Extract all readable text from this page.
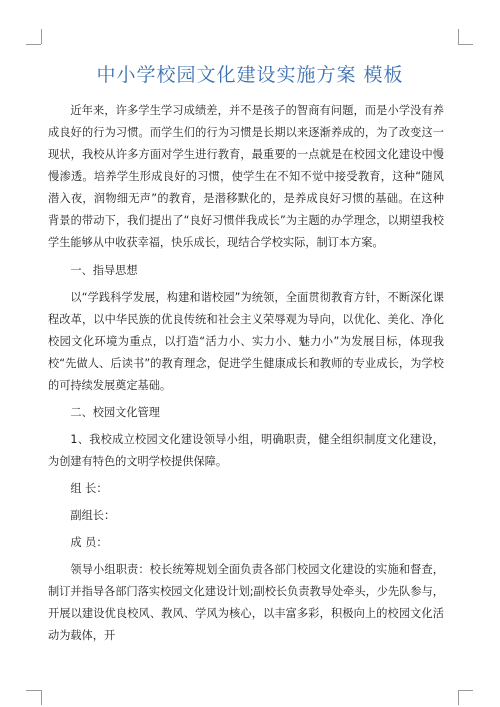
中小学校园文化建设实施方案 模板

近年来，许多学生学习成绩差，并不是孩子的智商有问题，而是小学没有养成良好的行为习惯。而学生们的行为习惯是长期以来逐渐养成的，为了改变这一现状，我校从许多方面对学生进行教育，最重要的一点就是在校园文化建设中慢慢渗透。培养学生形成良好的习惯，使学生在不知不觉中接受教育，这种“随风潜入夜，润物细无声”的教育，是潜移默化的，是养成良好习惯的基础。在这种背景的带动下，我们提出了“良好习惯伴我成长”为主题的办学理念，以期望我校学生能够从中收获幸福，快乐成长，现结合学校实际，制订本方案。

一、指导思想

以“学践科学发展，构建和谐校园”为统领，全面贯彻教育方针，不断深化课程改革，以中华民族的优良传统和社会主义荣辱观为导向，以优化、美化、净化校园文化环境为重点，以打造“活力小、实力小、魅力小”为发展目标，体现我校“先做人、后读书”的教育理念，促进学生健康成长和教师的专业成长，为学校的可持续发展奠定基础。

二、校园文化管理

1、我校成立校园文化建设领导小组，明确职责，健全组织制度文化建设，为创建有特色的文明学校提供保障。

组 长：

副组长：

成 员：

领导小组职责：校长统筹规划全面负责各部门校园文化建设的实施和督查，制订并指导各部门落实校园文化建设计划;副校长负责教导处牵头，少先队参与，开展以建设优良校风、教风、学风为核心，以丰富多彩，积极向上的校园文化活动为载体，开
